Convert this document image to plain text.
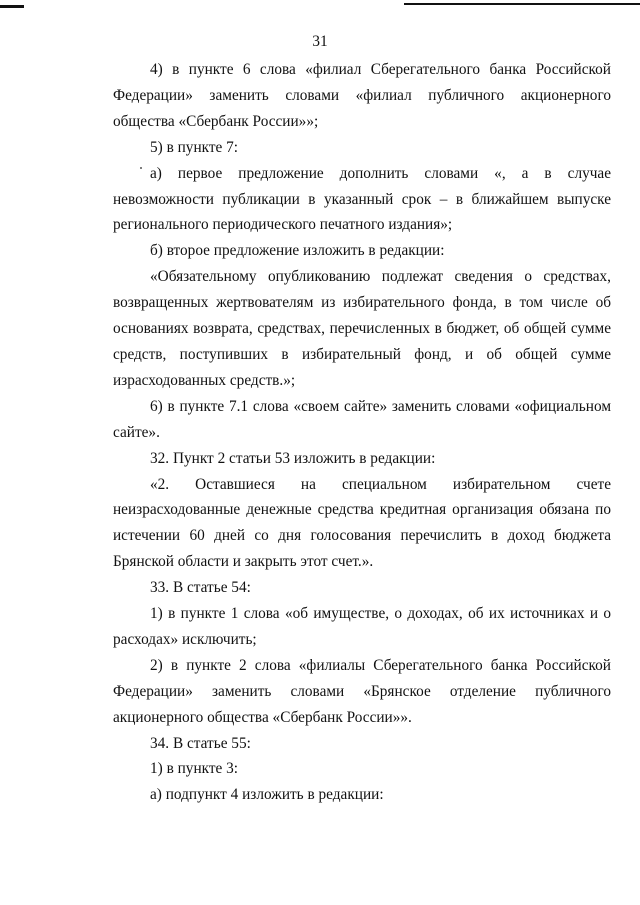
31

4) в пункте 6 слова «филиал Сберегательного банка Российской Федерации» заменить словами «филиал публичного акционерного общества «Сбербанк России»»;

5) в пункте 7:

а) первое предложение дополнить словами «, а в случае невозможности публикации в указанный срок – в ближайшем выпуске регионального периодического печатного издания»;

б) второе предложение изложить в редакции:

«Обязательному опубликованию подлежат сведения о средствах, возвращенных жертвователям из избирательного фонда, в том числе об основаниях возврата, средствах, перечисленных в бюджет, об общей сумме средств, поступивших в избирательный фонд, и об общей сумме израсходованных средств.»;

6) в пункте 7.1 слова «своем сайте» заменить словами «официальном сайте».

32. Пункт 2 статьи 53 изложить в редакции:

«2. Оставшиеся на специальном избирательном счете неизрасходованные денежные средства кредитная организация обязана по истечении 60 дней со дня голосования перечислить в доход бюджета Брянской области и закрыть этот счет.».

33. В статье 54:

1) в пункте 1 слова «об имуществе, о доходах, об их источниках и о расходах» исключить;

2) в пункте 2 слова «филиалы Сберегательного банка Российской Федерации» заменить словами «Брянское отделение публичного акционерного общества «Сбербанк России»».

34. В статье 55:

1) в пункте 3:

а) подпункт 4 изложить в редакции:
